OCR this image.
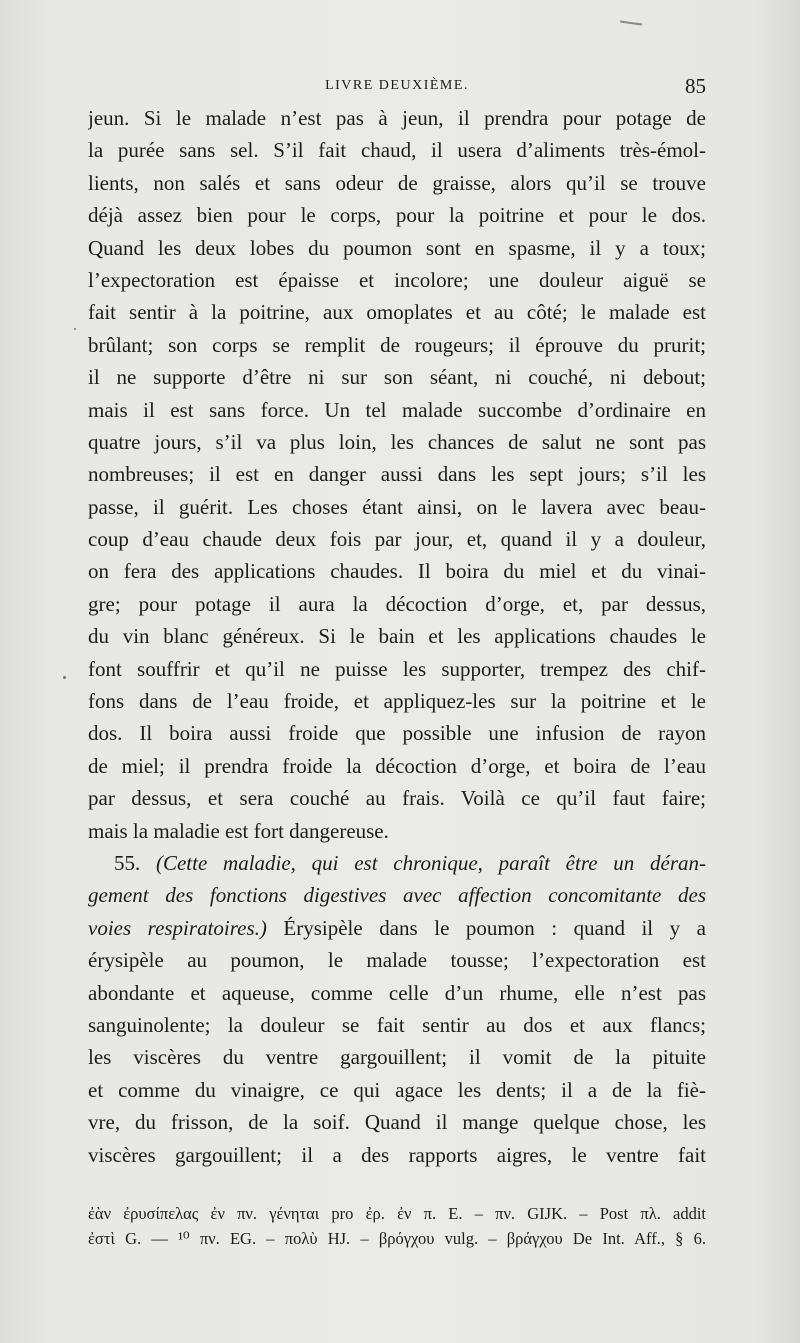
LIVRE DEUXIÈME.	85
jeun. Si le malade n’est pas à jeun, il prendra pour potage de
la purée sans sel. S’il fait chaud, il usera d’aliments très-émol-
lients, non salés et sans odeur de graisse, alors qu’il se trouve
déjà assez bien pour le corps, pour la poitrine et pour le dos.
Quand les deux lobes du poumon sont en spasme, il y a toux;
l’expectoration est épaisse et incolore; une douleur aiguë se
fait sentir à la poitrine, aux omoplates et au côté; le malade est
brûlant; son corps se remplit de rougeurs; il éprouve du prurit;
il ne supporte d’être ni sur son séant, ni couché, ni debout;
mais il est sans force. Un tel malade succombe d’ordinaire en
quatre jours, s’il va plus loin, les chances de salut ne sont pas
nombreuses; il est en danger aussi dans les sept jours; s’il les
passe, il guérit. Les choses étant ainsi, on le lavera avec beau-
coup d’eau chaude deux fois par jour, et, quand il y a douleur,
on fera des applications chaudes. Il boira du miel et du vinai-
gre; pour potage il aura la décoction d’orge, et, par dessus,
du vin blanc généreux. Si le bain et les applications chaudes le
font souffrir et qu’il ne puisse les supporter, trempez des chif-
fons dans de l’eau froide, et appliquez-les sur la poitrine et le
dos. Il boira aussi froide que possible une infusion de rayon
de miel; il prendra froide la décoction d’orge, et boira de l’eau
par dessus, et sera couché au frais. Voilà ce qu’il faut faire;
mais la maladie est fort dangereuse.
55. (Cette maladie, qui est chronique, paraît être un déran-
gement des fonctions digestives avec affection concomitante des
voies respiratoires.) Érysipèle dans le poumon : quand il y a
érysipèle au poumon, le malade tousse; l’expectoration est
abondante et aqueuse, comme celle d’un rhume, elle n’est pas
sanguinolente; la douleur se fait sentir au dos et aux flancs;
les viscères du ventre gargouillent; il vomit de la pituite
et comme du vinaigre, ce qui agace les dents; il a de la fiè-
vre, du frisson, de la soif. Quand il mange quelque chose, les
viscères gargouillent; il a des rapports aigres, le ventre fait
ἐὰν ἐρυσίπελας ἐν πν. γένηται pro ἐρ. ἐν π. E. – πν. GIJK. – Post πλ. addit
ἐστὶ G. — ¹⁰ πν. EG. – πολὺ HJ. – βρόγχου vulg. – βράγχου De Int. Aff., § 6.
